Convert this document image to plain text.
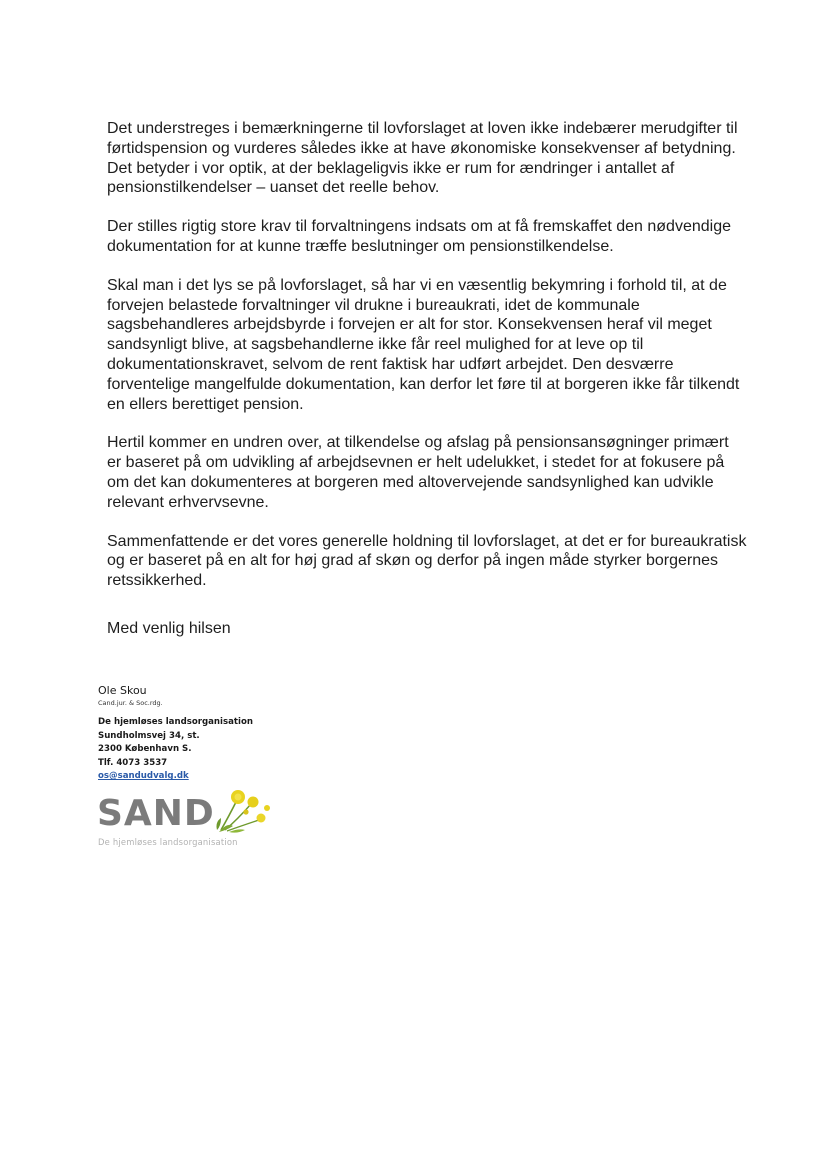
Det understreges i bemærkningerne til lovforslaget at loven ikke indebærer merudgifter til førtidspension og vurderes således ikke at have økonomiske konsekvenser af betydning. Det betyder i vor optik, at der beklageligvis ikke er rum for ændringer i antallet af pensionstilkendelser – uanset det reelle behov.

Der stilles rigtig store krav til forvaltningens indsats om at få fremskaffet den nødvendige dokumentation for at kunne træffe beslutninger om pensionstilkendelse.

Skal man i det lys se på lovforslaget, så har vi en væsentlig bekymring i forhold til, at de forvejen belastede forvaltninger vil drukne i bureaukrati, idet de kommunale sagsbehandleres arbejdsbyrde i forvejen er alt for stor. Konsekvensen heraf vil meget sandsynligt blive, at sagsbehandlerne ikke får reel mulighed for at leve op til dokumentationskravet, selvom de rent faktisk har udført arbejdet. Den desværre forventelige mangelfulde dokumentation, kan derfor let føre til at borgeren ikke får tilkendt en ellers berettiget pension.

Hertil kommer en undren over, at tilkendelse og afslag på pensionsansøgninger primært er baseret på om udvikling af arbejdsevnen er helt udelukket, i stedet for at fokusere på om det kan dokumenteres at borgeren med altovervejende sandsynlighed kan udvikle relevant erhvervsevne.

Sammenfattende er det vores generelle holdning til lovforslaget, at det er for bureaukratisk og er baseret på en alt for høj grad af skøn og derfor på ingen måde styrker borgernes retssikkerhed.

Med venlig hilsen
Ole Skou
Cand.jur. & Soc.rdg.
De hjemløses landsorganisation
Sundholmsvej 34, st.
2300 København S.
Tlf. 4073 3537
os@sandudvalg.dk
SAND
De hjemløses landsorganisation
